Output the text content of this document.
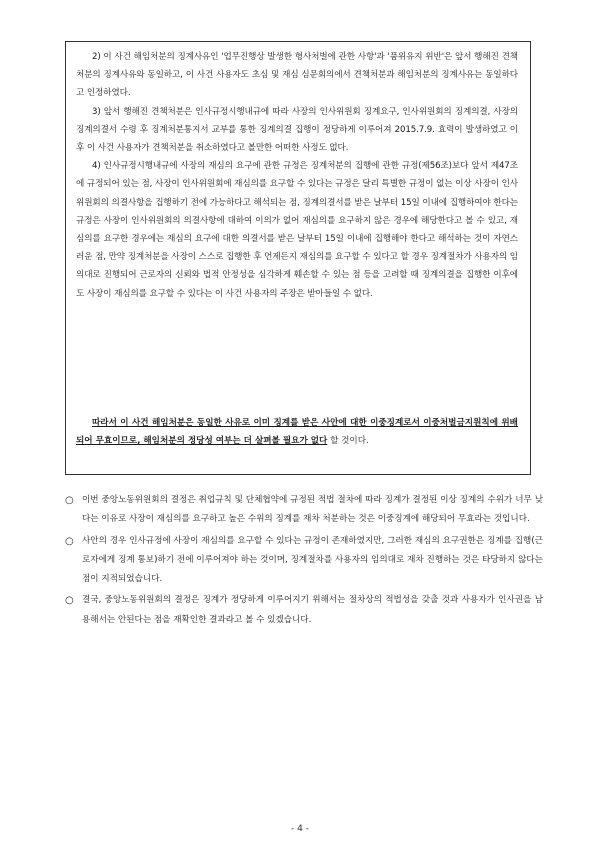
2) 이 사건 해임처분의 징계사유인 '업무진행상 발생한 형사처벌에 관한 사항'과 '품위유지 위반'은 앞서 행해진 견책 처분의 징계사유와 동일하고, 이 사건 사용자도 초심 및 재심 심문회의에서 견책처분과 해임처분의 징계사유는 동일하다고 인정하였다.

3) 앞서 행해진 견책처분은 인사규정시행내규에 따라 사장의 인사위원회 징계요구, 인사위원회의 징계의결, 사장의 징계의결서 수령 후 징계처분통지서 교부를 통한 징계의결 집행이 정당하게 이루어져 2015.7.9. 효력이 발생하였고 이후 이 사건 사용자가 견책처분을 취소하였다고 볼만한 어떠한 사정도 없다.

4) 인사규정시행내규에 사장의 재심의 요구에 관한 규정은 징계처분의 집행에 관한 규정(제56조)보다 앞서 제47조에 규정되어 있는 점, 사장이 인사위원회에 재심의를 요구할 수 있다는 규정은 달리 특별한 규정이 없는 이상 사장이 인사위원회의 의결사항을 집행하기 전에 가능하다고 해석되는 점, 징계의결서를 받은 날부터 15일 이내에 집행하여야 한다는 규정은 사장이 인사위원회의 의결사항에 대하여 이의가 없어 재심의를 요구하지 않은 경우에 해당한다고 볼 수 있고, 재심의를 요구한 경우에는 재심의 요구에 대한 의결서를 받은 날부터 15일 이내에 집행해야 한다고 해석하는 것이 자연스러운 점, 만약 징계처분을 사장이 스스로 집행한 후 언제든지 재심의를 요구할 수 있다고 할 경우 징계절차가 사용자의 임의대로 진행되어 근로자의 신뢰와 법적 안정성을 심각하게 훼손할 수 있는 점 등을 고려할 때 징계의결을 집행한 이후에도 사장이 재심의를 요구할 수 있다는 이 사건 사용자의 주장은 받아들일 수 없다.

따라서 이 사건 해임처분은 동일한 사유로 이미 징계를 받은 사안에 대한 이중징계로서 이중처벌금지원칙에 위배되어 무효이므로, 해임처분의 정당성 여부는 더 살펴볼 필요가 없다 할 것이다.

○ 이번 중앙노동위원회의 결정은 취업규칙 및 단체협약에 규정된 적법 절차에 따라 징계가 결정된 이상 징계의 수위가 너무 낮다는 이유로 사장이 재심의를 요구하고 높은 수위의 징계를 재차 처분하는 것은 이중징계에 해당되어 무효라는 것입니다.
○ 사안의 경우 인사규정에 사장이 재심의를 요구할 수 있다는 규정이 존재하였지만, 그러한 재심의 요구권한은 징계를 집행(근로자에게 징계 통보)하기 전에 이루어져야 하는 것이며, 징계절차를 사용자의 임의대로 재차 진행하는 것은 타당하지 않다는 점이 지적되었습니다.
○ 결국, 중앙노동위원회의 결정은 징계가 정당하게 이루어지기 위해서는 절차상의 적법성을 갖출 것과 사용자가 인사권을 남용해서는 안된다는 점을 재확인한 결과라고 볼 수 있겠습니다.
- 4 -
